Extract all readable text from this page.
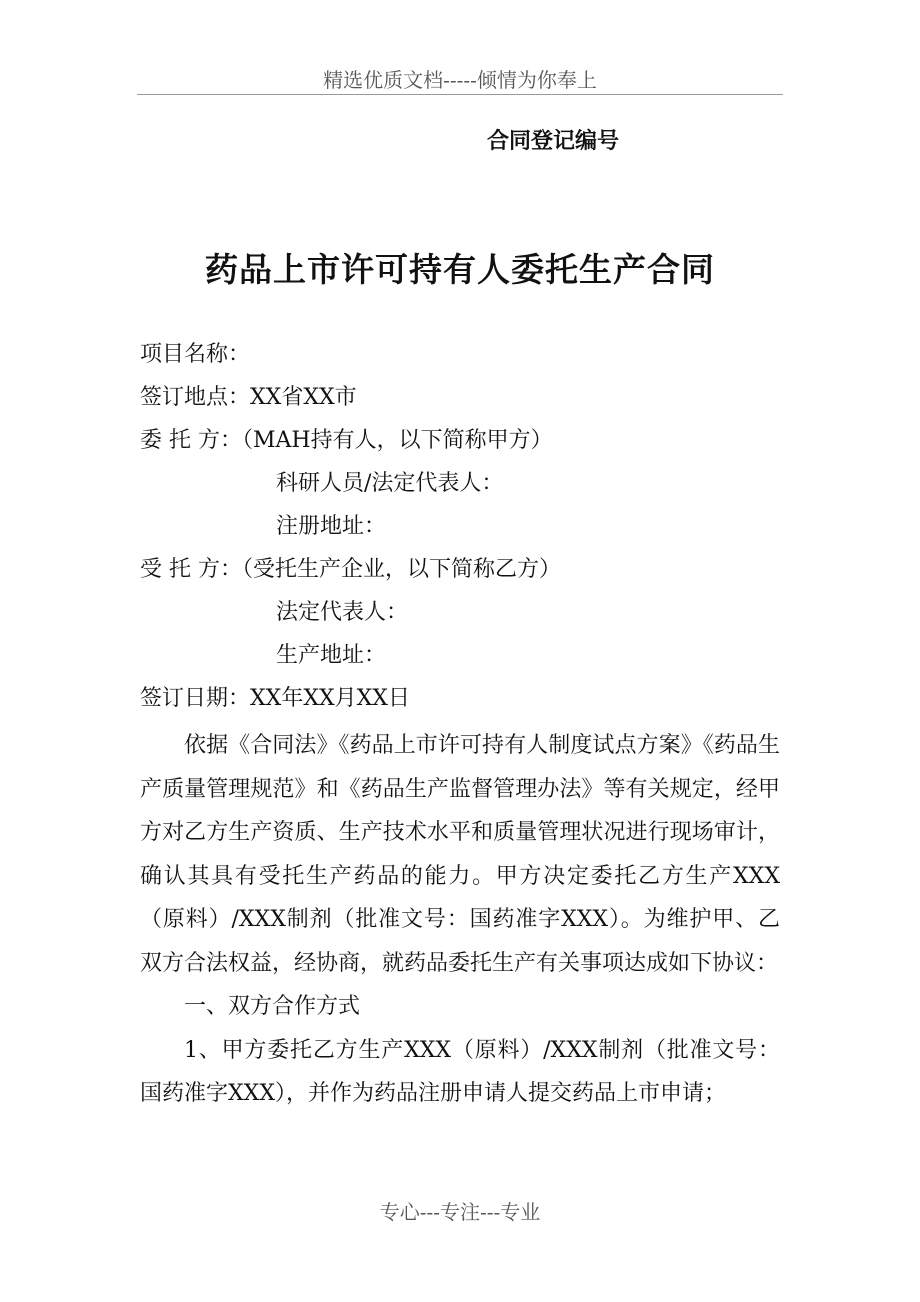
精选优质文档-----倾情为你奉上
合同登记编号
药品上市许可持有人委托生产合同
项目名称：
签订地点：XX省XX市
委 托 方：（MAH持有人，以下简称甲方）
科研人员/法定代表人：
注册地址：
受 托 方：（受托生产企业，以下简称乙方）
法定代表人：
生产地址：
签订日期：XX年XX月XX日

依据《合同法》《药品上市许可持有人制度试点方案》《药品生产质量管理规范》和《药品生产监督管理办法》等有关规定，经甲方对乙方生产资质、生产技术水平和质量管理状况进行现场审计，确认其具有受托生产药品的能力。甲方决定委托乙方生产XXX（原料）/XXX制剂（批准文号：国药准字XXX）。为维护甲、乙双方合法权益，经协商，就药品委托生产有关事项达成如下协议：

一、双方合作方式

1、甲方委托乙方生产XXX（原料）/XXX制剂（批准文号：国药准字XXX），并作为药品注册申请人提交药品上市申请；

专心---专注---专业
